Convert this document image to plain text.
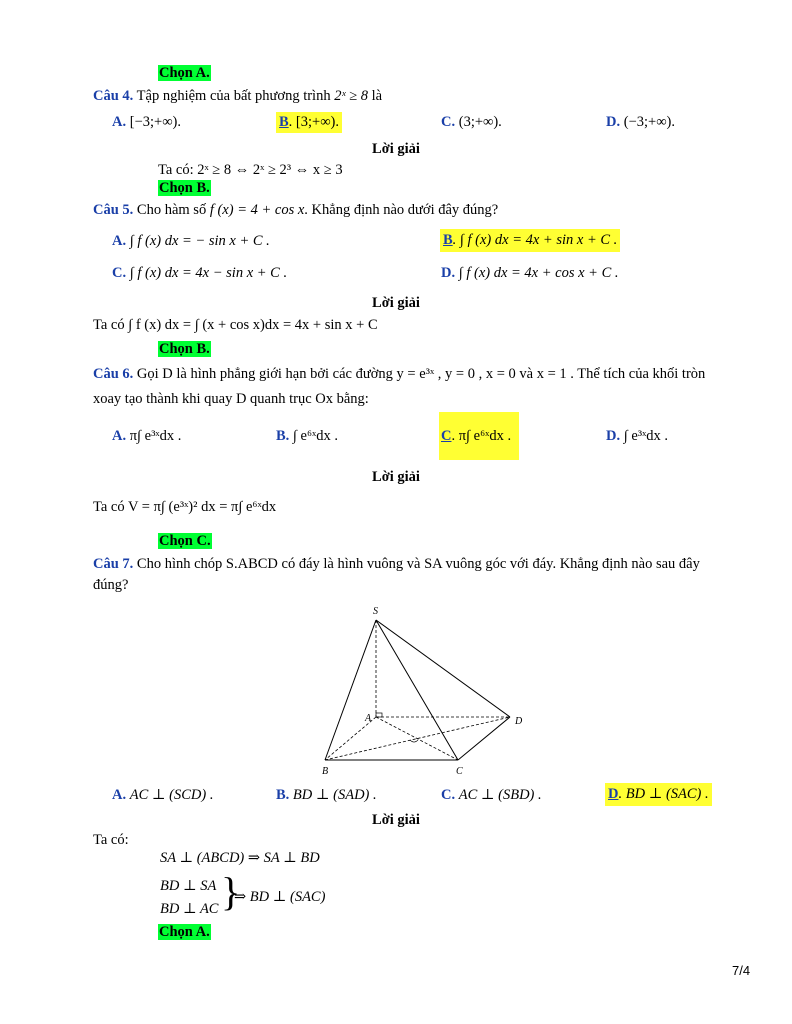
Chọn A.
Câu 4. Tập nghiệm của bất phương trình 2ˣ ≥ 8 là
A. [−3;+∞).	B. [3;+∞).	C. (3;+∞).	D. (−3;+∞).
Lời giải
Ta có: 2ˣ ≥ 8 ⇔ 2ˣ ≥ 2³ ⇔ x ≥ 3
Chọn B.
Câu 5. Cho hàm số f (x) = 4 + cos x. Khẳng định nào dưới đây đúng?
A. ∫ f (x) dx = − sin x + C .	B. ∫ f (x) dx = 4x + sin x + C .
C. ∫ f (x) dx = 4x − sin x + C .	D. ∫ f (x) dx = 4x + cos x + C .
Lời giải
Ta có ∫ f (x) dx = ∫ (x + cos x)dx = 4x + sin x + C
Chọn B.
Câu 6. Gọi D là hình phẳng giới hạn bởi các đường y = e³ˣ , y = 0 , x = 0 và x = 1 . Thể tích của khối tròn
xoay tạo thành khi quay D quanh trục Ox bằng:
A. π∫ e³ˣdx .	B. ∫ e⁶ˣdx .	C. π∫ e⁶ˣdx .	D. ∫ e³ˣdx .
Lời giải
Ta có V = π∫ (e³ˣ)² dx = π∫ e⁶ˣdx
Chọn C.
Câu 7. Cho hình chóp S.ABCD có đáy là hình vuông và SA vuông góc với đáy. Khẳng định nào sau đây
đúng?
S
A
B	C
D
A. AC ⊥ (SCD) .	B. BD ⊥ (SAD) .	C. AC ⊥ (SBD) .	D. BD ⊥ (SAC) .
Lời giải
Ta có:
SA ⊥ (ABCD) ⇒ SA ⊥ BD
BD ⊥ SA
BD ⊥ AC }
⇒ BD ⊥ (SAC)
Chọn A.
7/4
